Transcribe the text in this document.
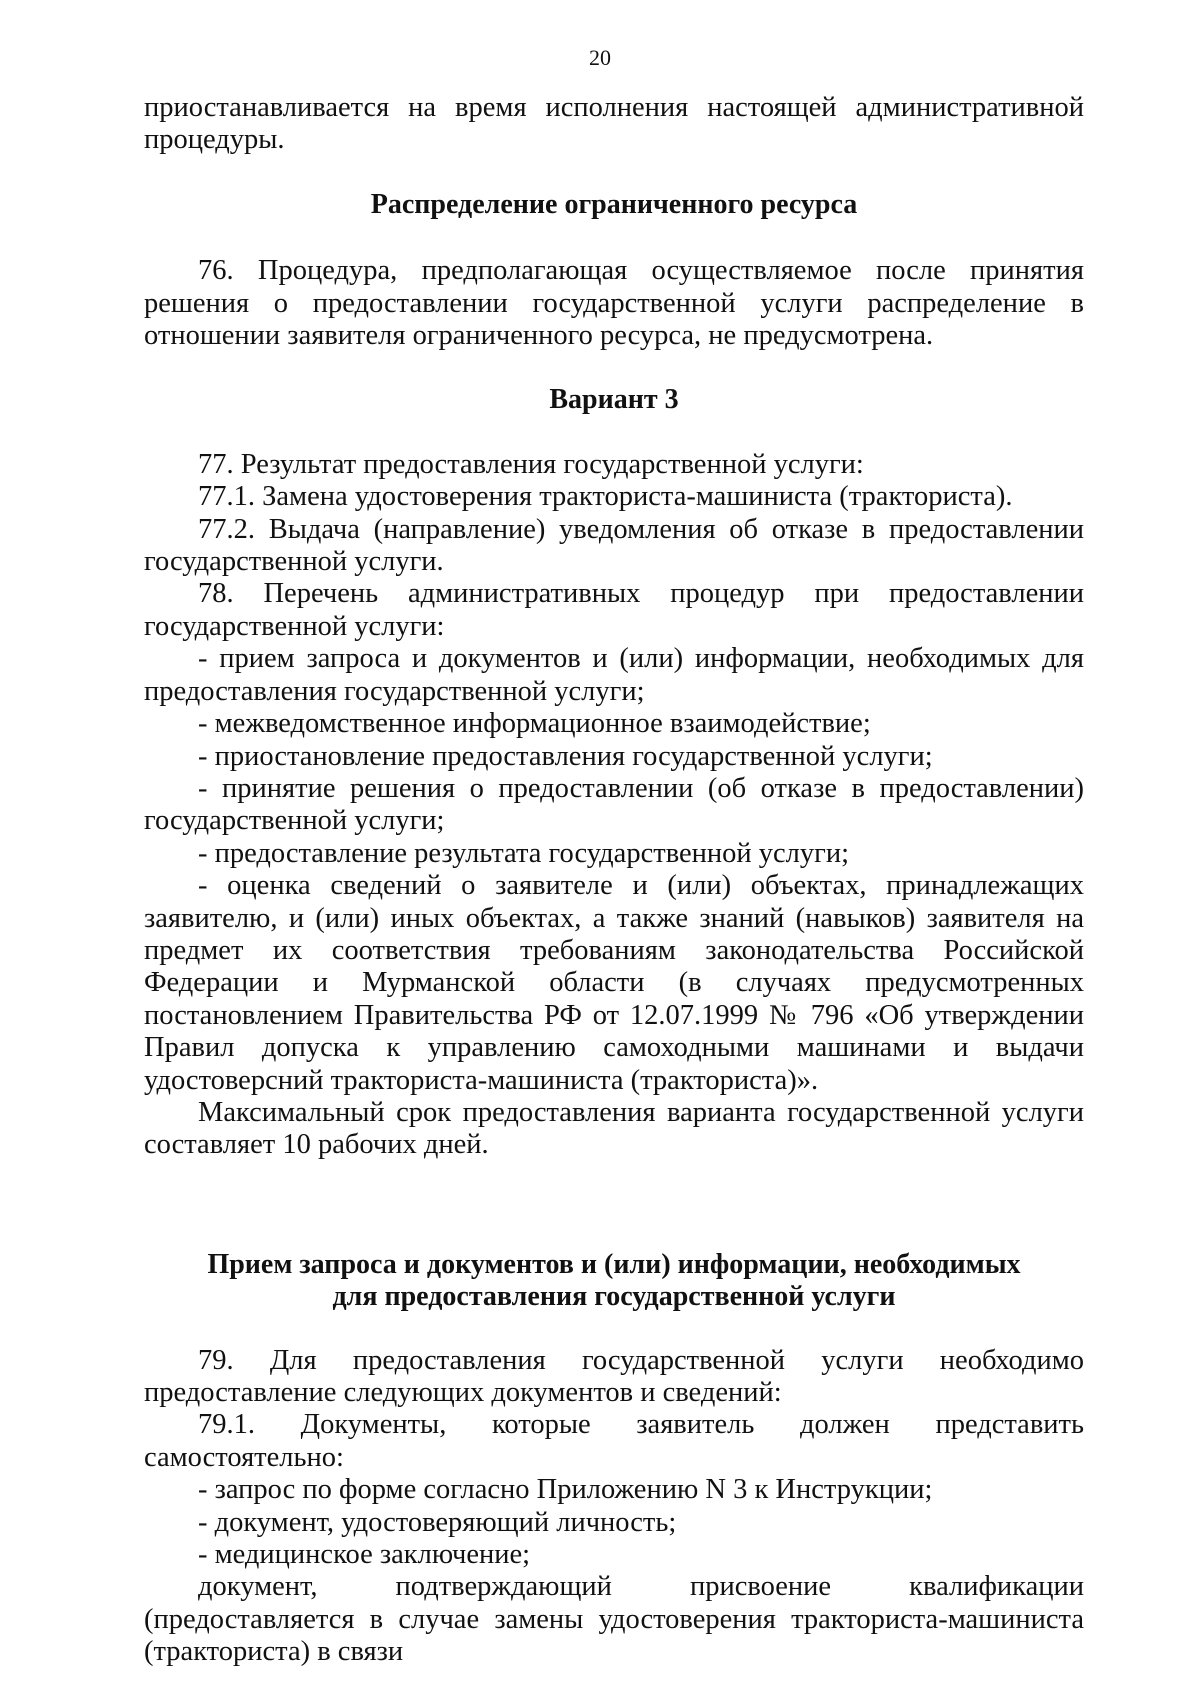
20

приостанавливается на время исполнения настоящей административной процедуры.

Распределение ограниченного ресурса

76. Процедура, предполагающая осуществляемое после принятия решения о предоставлении государственной услуги распределение в отношении заявителя ограниченного ресурса, не предусмотрена.

Вариант 3

77. Результат предоставления государственной услуги:

77.1. Замена удостоверения тракториста-машиниста (тракториста).

77.2. Выдача (направление) уведомления об отказе в предоставлении государственной услуги.

78. Перечень административных процедур при предоставлении государственной услуги:

- прием запроса и документов и (или) информации, необходимых для предоставления государственной услуги;

- межведомственное информационное взаимодействие;

- приостановление предоставления государственной услуги;

- принятие решения о предоставлении (об отказе в предоставлении) государственной услуги;

- предоставление результата государственной услуги;

- оценка сведений о заявителе и (или) объектах, принадлежащих заявителю, и (или) иных объектах, а также знаний (навыков) заявителя на предмет их соответствия требованиям законодательства Российской Федерации и Мурманской области (в случаях предусмотренных постановлением Правительства РФ от 12.07.1999 № 796 «Об утверждении Правил допуска к управлению самоходными машинами и выдачи удостоверсний тракториста-машиниста (тракториста)».

Максимальный срок предоставления варианта государственной услуги составляет 10 рабочих дней.

Прием запроса и документов и (или) информации, необходимых
для предоставления государственной услуги

79. Для предоставления государственной услуги необходимо предоставление следующих документов и сведений:

79.1. Документы, которые заявитель должен представить самостоятельно:

- запрос по форме согласно Приложению N 3 к Инструкции;

- документ, удостоверяющий личность;

- медицинское заключение;

документ, подтверждающий присвоение квалификации (предоставляется в случае замены удостоверения тракториста-машиниста (тракториста) в связи
